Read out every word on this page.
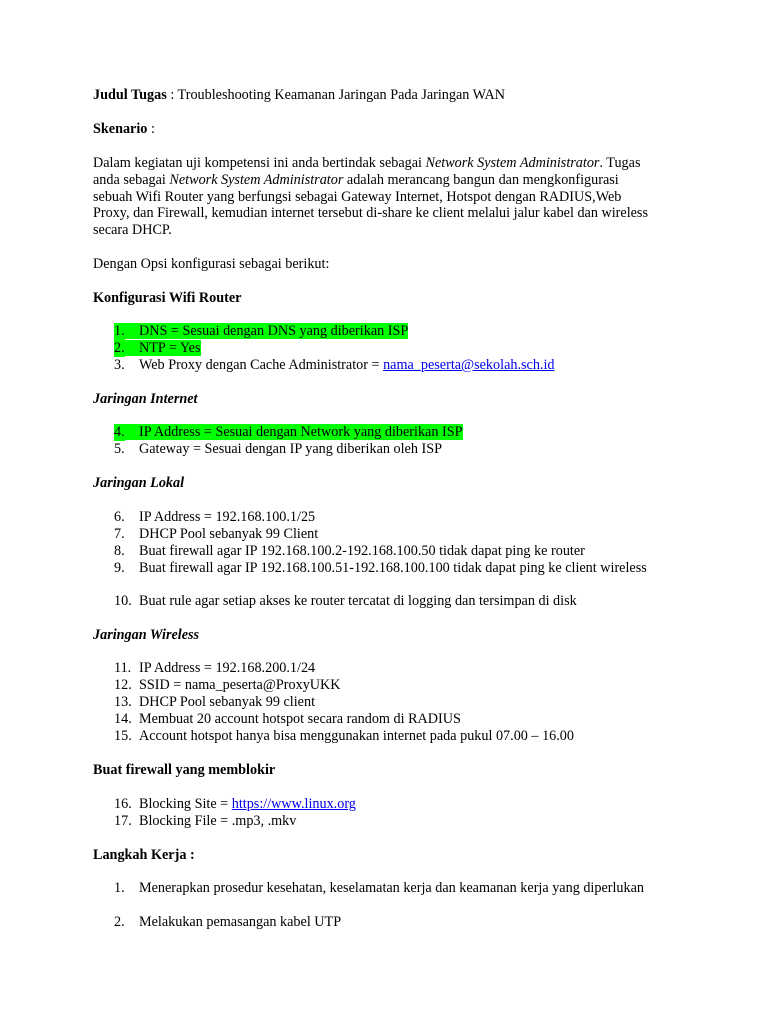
Judul Tugas : Troubleshooting Keamanan Jaringan Pada Jaringan WAN

Skenario :

Dalam kegiatan uji kompetensi ini anda bertindak sebagai Network System Administrator. Tugas anda sebagai Network System Administrator adalah merancang bangun dan mengkonfigurasi sebuah Wifi Router yang berfungsi sebagai Gateway Internet, Hotspot dengan RADIUS,Web Proxy, dan Firewall, kemudian internet tersebut di-share ke client melalui jalur kabel dan wireless secara DHCP.

Dengan Opsi konfigurasi sebagai berikut:

Konfigurasi Wifi Router

1. DNS = Sesuai dengan DNS yang diberikan ISP
2. NTP = Yes
3. Web Proxy dengan Cache Administrator = nama_peserta@sekolah.sch.id

Jaringan Internet

4. IP Address = Sesuai dengan Network yang diberikan ISP
5. Gateway = Sesuai dengan IP yang diberikan oleh ISP

Jaringan Lokal

6. IP Address = 192.168.100.1/25
7. DHCP Pool sebanyak 99 Client
8. Buat firewall agar IP 192.168.100.2-192.168.100.50 tidak dapat ping ke router
9. Buat firewall agar IP 192.168.100.51-192.168.100.100 tidak dapat ping ke client wireless
10. Buat rule agar setiap akses ke router tercatat di logging dan tersimpan di disk

Jaringan Wireless

11. IP Address = 192.168.200.1/24
12. SSID = nama_peserta@ProxyUKK
13. DHCP Pool sebanyak 99 client
14. Membuat 20 account hotspot secara random di RADIUS
15. Account hotspot hanya bisa menggunakan internet pada pukul 07.00 – 16.00

Buat firewall yang memblokir

16. Blocking Site = https://www.linux.org
17. Blocking File = .mp3, .mkv

Langkah Kerja :

1. Menerapkan prosedur kesehatan, keselamatan kerja dan keamanan kerja yang diperlukan
2. Melakukan pemasangan kabel UTP
